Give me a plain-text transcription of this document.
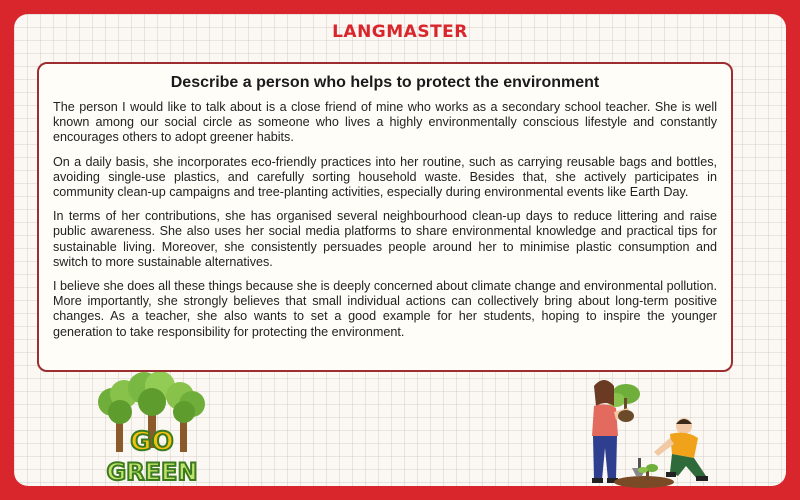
LANGMASTER
Describe a person who helps to protect the environment

The person I would like to talk about is a close friend of mine who works as a secondary school teacher. She is well known among our social circle as someone who lives a highly environmentally conscious lifestyle and constantly encourages others to adopt greener habits.

On a daily basis, she incorporates eco-friendly practices into her routine, such as carrying reusable bags and bottles, avoiding single-use plastics, and carefully sorting household waste. Besides that, she actively participates in community clean-up campaigns and tree-planting activities, especially during environmental events like Earth Day.

In terms of her contributions, she has organised several neighbourhood clean-up days to reduce littering and raise public awareness. She also uses her social media platforms to share environmental knowledge and practical tips for sustainable living. Moreover, she consistently persuades people around her to minimise plastic consumption and switch to more sustainable alternatives.

I believe she does all these things because she is deeply concerned about climate change and environmental pollution. More importantly, she strongly believes that small individual actions can collectively bring about long-term positive changes. As a teacher, she also wants to set a good example for her students, hoping to inspire the younger generation to take responsibility for protecting the environment.

GO
GREEN
